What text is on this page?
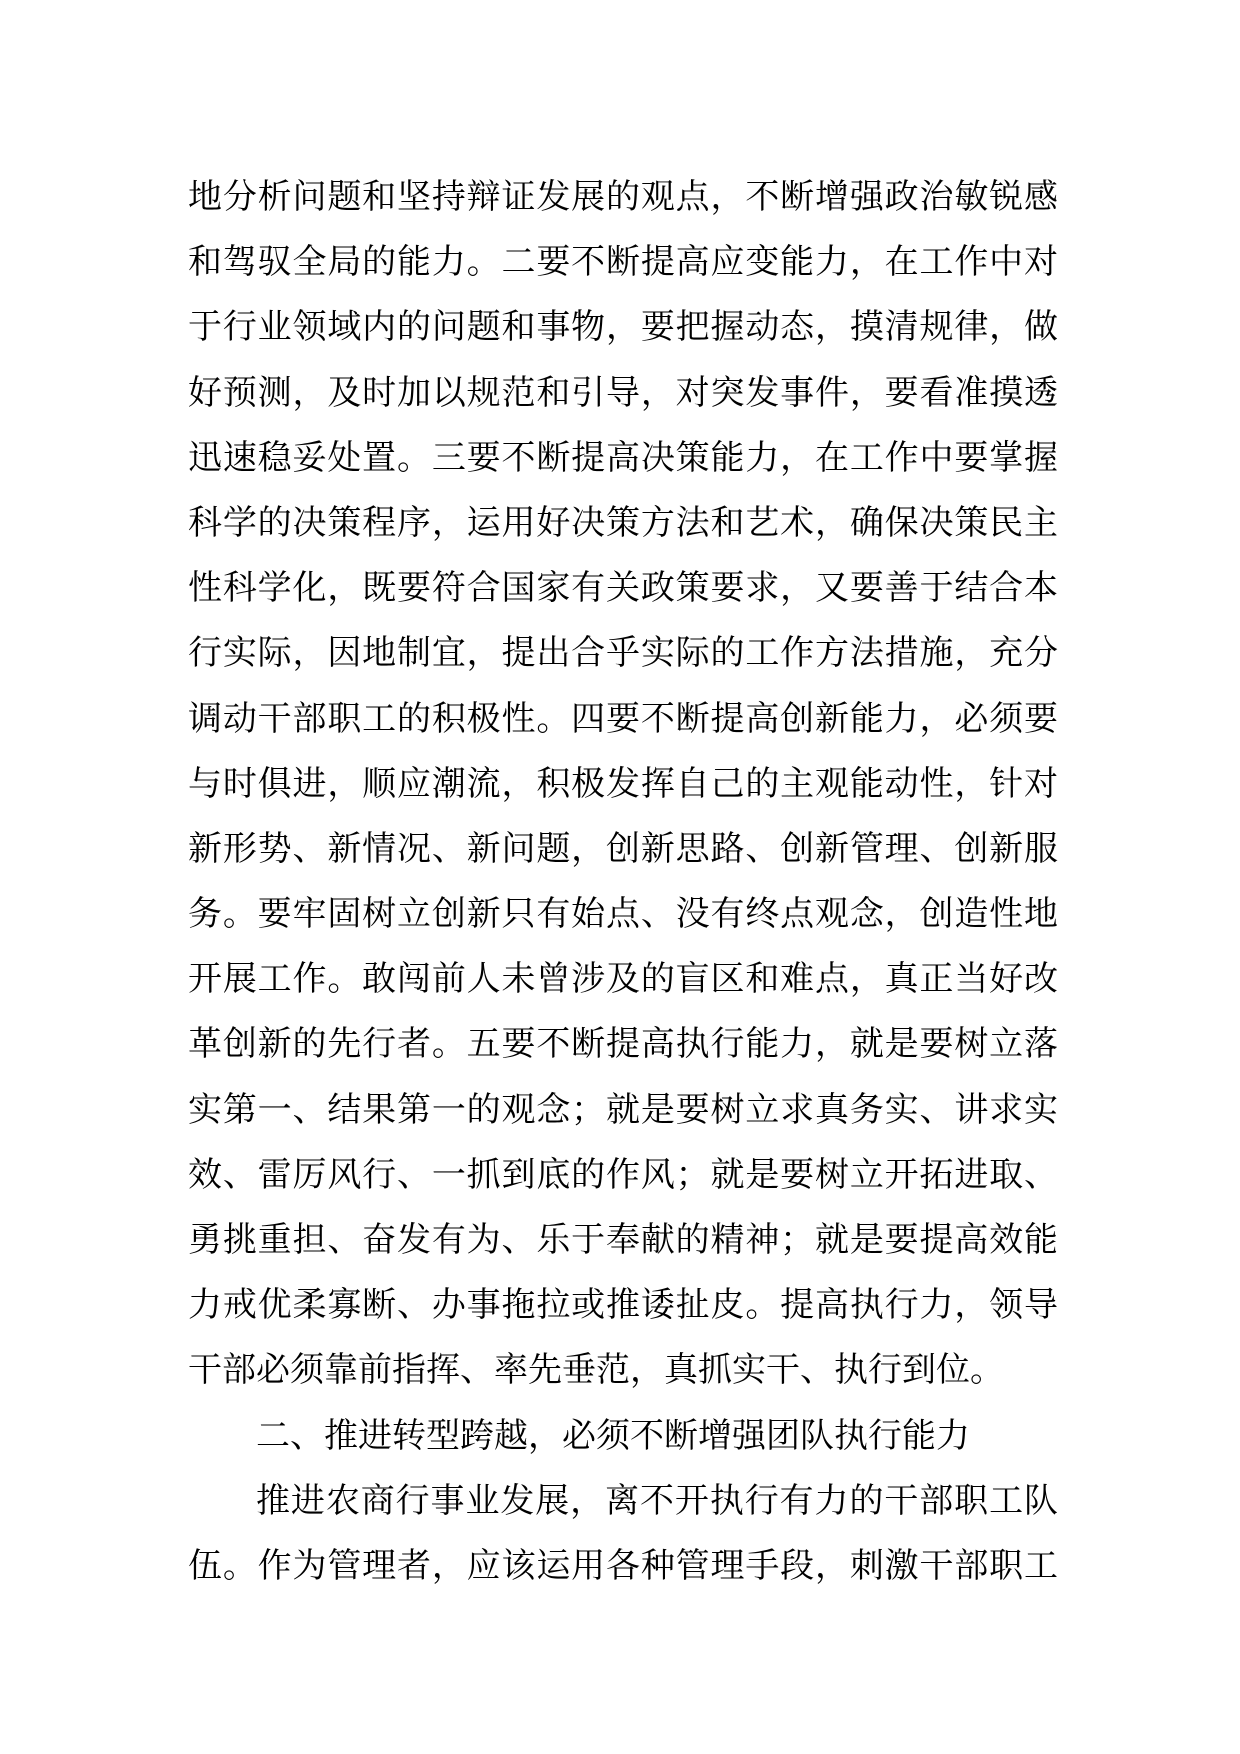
地分析问题和坚持辩证发展的观点，不断增强政治敏锐感
和驾驭全局的能力。二要不断提高应变能力，在工作中对
于行业领域内的问题和事物，要把握动态，摸清规律，做
好预测，及时加以规范和引导，对突发事件，要看准摸透
迅速稳妥处置。三要不断提高决策能力，在工作中要掌握
科学的决策程序，运用好决策方法和艺术，确保决策民主
性科学化，既要符合国家有关政策要求，又要善于结合本
行实际，因地制宜，提出合乎实际的工作方法措施，充分
调动干部职工的积极性。四要不断提高创新能力，必须要
与时俱进，顺应潮流，积极发挥自己的主观能动性，针对
新形势、新情况、新问题，创新思路、创新管理、创新服
务。要牢固树立创新只有始点、没有终点观念，创造性地
开展工作。敢闯前人未曾涉及的盲区和难点，真正当好改
革创新的先行者。五要不断提高执行能力，就是要树立落
实第一、结果第一的观念；就是要树立求真务实、讲求实
效、雷厉风行、一抓到底的作风；就是要树立开拓进取、
勇挑重担、奋发有为、乐于奉献的精神；就是要提高效能
力戒优柔寡断、办事拖拉或推诿扯皮。提高执行力，领导
干部必须靠前指挥、率先垂范，真抓实干、执行到位。
二、推进转型跨越，必须不断增强团队执行能力
推进农商行事业发展，离不开执行有力的干部职工队
伍。作为管理者，应该运用各种管理手段，刺激干部职工
